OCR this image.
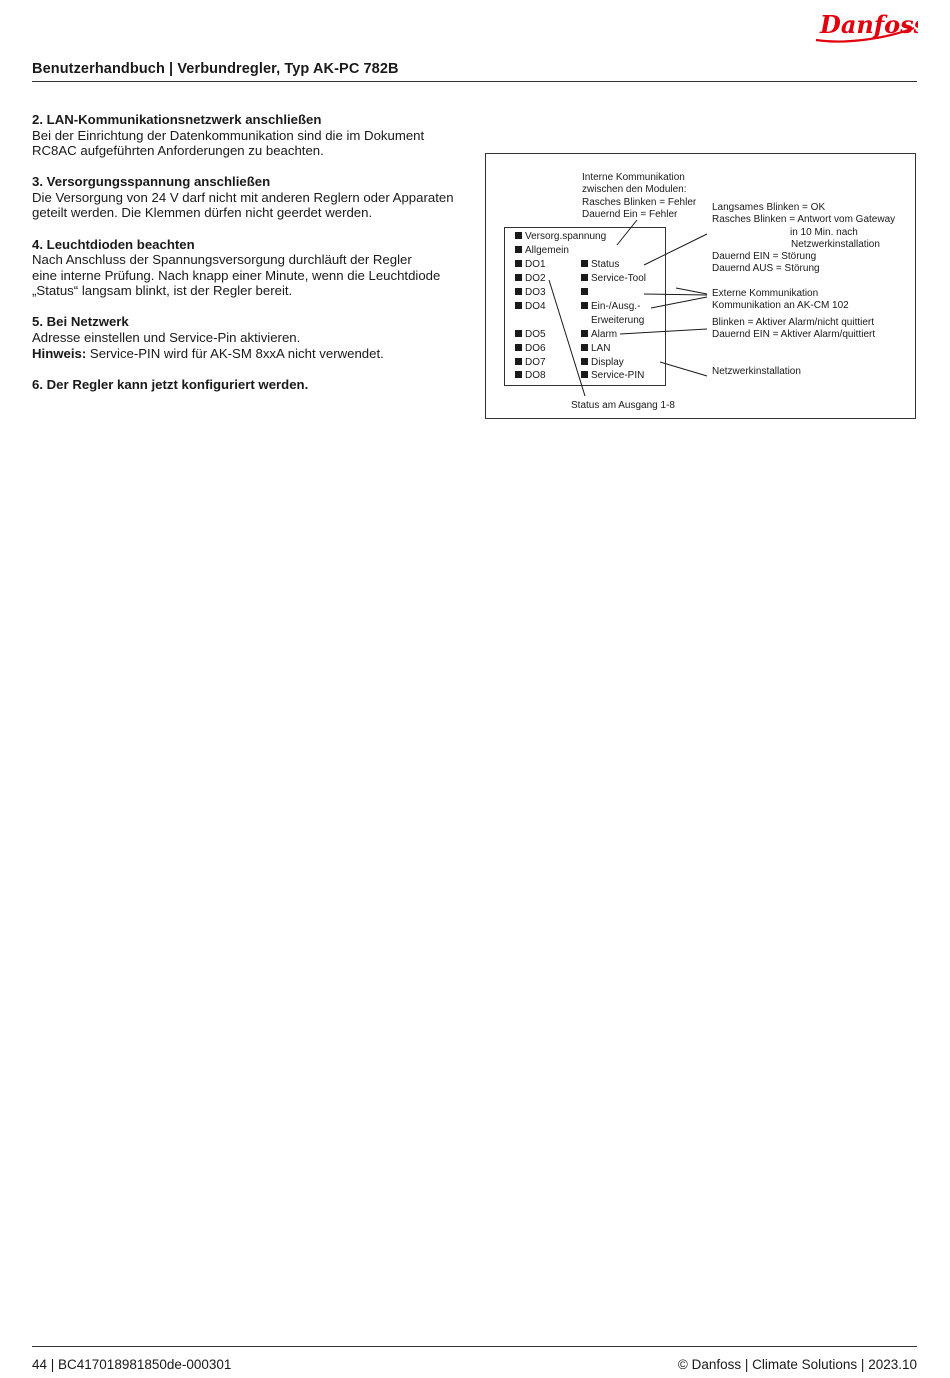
Danfoss
Benutzerhandbuch | Verbundregler, Typ AK-PC 782B
2. LAN-Kommunikationsnetzwerk anschließen

Bei der Einrichtung der Datenkommunikation sind die im Dokument

RC8AC aufgeführten Anforderungen zu beachten.

3. Versorgungsspannung anschließen

Die Versorgung von 24 V darf nicht mit anderen Reglern oder Apparaten

geteilt werden. Die Klemmen dürfen nicht geerdet werden.

4. Leuchtdioden beachten

Nach Anschluss der Spannungsversorgung durchläuft der Regler

eine interne Prüfung. Nach knapp einer Minute, wenn die Leuchtdiode

„Status“ langsam blinkt, ist der Regler bereit.

5. Bei Netzwerk

Adresse einstellen und Service-Pin aktivieren.

Hinweis: Service-PIN wird für AK-SM 8xxA nicht verwendet.

6. Der Regler kann jetzt konfiguriert werden.
Interne Kommunikation
zwischen den Modulen:
Rasches Blinken = Fehler
Dauernd Ein = Fehler
Versorg.spannung
Allgemein
DO1
DO2
DO3
DO4
DO5
DO6
DO7
DO8
Status
Service-Tool
Ein-/Ausg.-
Erweiterung
Alarm
LAN
Display
Service-PIN
Langsames Blinken = OK
Rasches Blinken = Antwort vom Gateway
in 10 Min. nach
Netzwerkinstallation
Dauernd EIN = Störung
Dauernd AUS = Störung
Externe Kommunikation
Kommunikation an AK-CM 102
Blinken = Aktiver Alarm/nicht quittiert
Dauernd EIN = Aktiver Alarm/quittiert
Netzwerkinstallation
Status am Ausgang 1-8
44 | BC417018981850de-000301	© Danfoss | Climate Solutions | 2023.10
